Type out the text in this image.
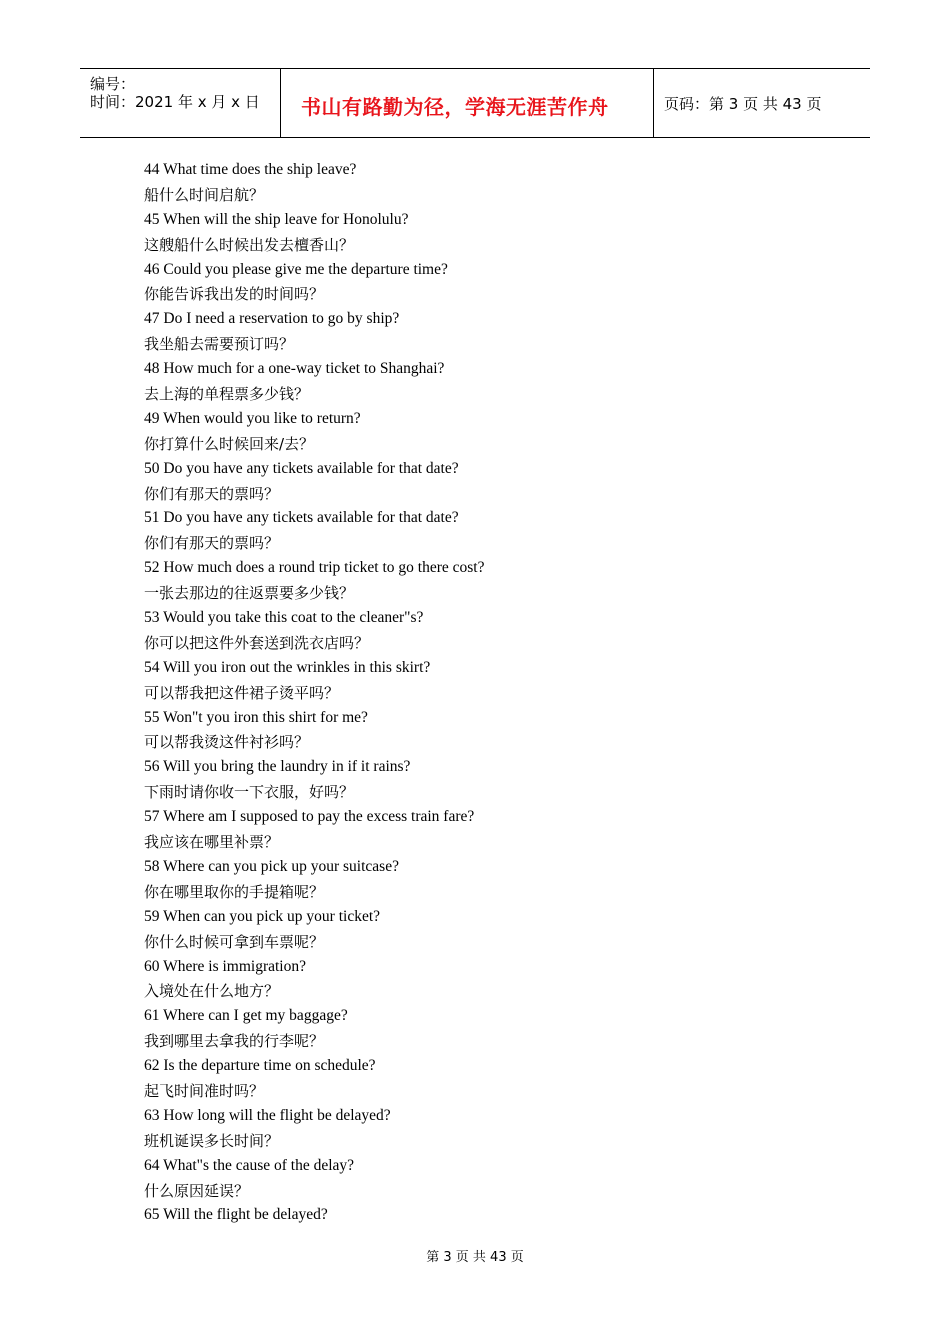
编号：
时间：2021 年 x 月 x 日 书山有路勤为径，学海无涯苦作舟	页码：第 3 页 共 43 页
44 What time does the ship leave?
船什么时间启航？
45 When will the ship leave for Honolulu?
这艘船什么时候出发去檀香山？
46 Could you please give me the departure time?
你能告诉我出发的时间吗？
47 Do I need a reservation to go by ship?
我坐船去需要预订吗？
48 How much for a one-way ticket to Shanghai?
去上海的单程票多少钱？
49 When would you like to return?
你打算什么时候回来/去？
50 Do you have any tickets available for that date?
你们有那天的票吗？
51 Do you have any tickets available for that date?
你们有那天的票吗？
52 How much does a round trip ticket to go there cost?
一张去那边的往返票要多少钱？
53 Would you take this coat to the cleaner"s?
你可以把这件外套送到洗衣店吗？
54 Will you iron out the wrinkles in this skirt?
可以帮我把这件裙子烫平吗？
55 Won"t you iron this shirt for me?
可以帮我烫这件衬衫吗？
56 Will you bring the laundry in if it rains?
下雨时请你收一下衣服，好吗？
57 Where am I supposed to pay the excess train fare?
我应该在哪里补票？
58 Where can you pick up your suitcase?
你在哪里取你的手提箱呢？
59 When can you pick up your ticket?
你什么时候可拿到车票呢？
60 Where is immigration?
入境处在什么地方？
61 Where can I get my baggage?
我到哪里去拿我的行李呢？
62 Is the departure time on schedule?
起飞时间准时吗？
63 How long will the flight be delayed?
班机诞误多长时间？
64 What"s the cause of the delay?
什么原因延误？
65 Will the flight be delayed?
第 3 页 共 43 页
